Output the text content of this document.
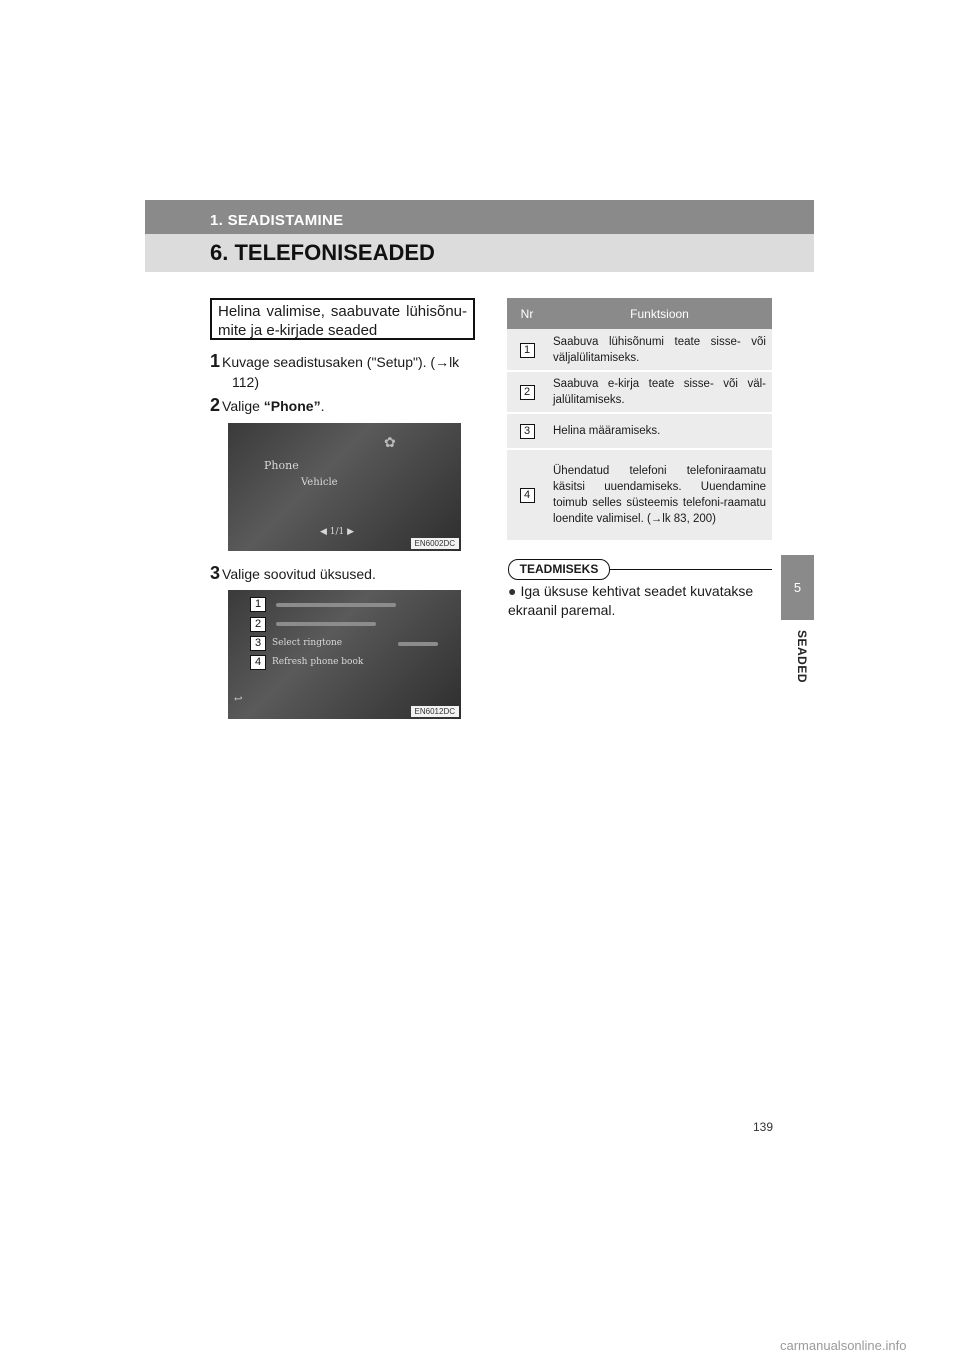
1. SEADISTAMINE
6. TELEFONISEADED
5
SEADED
Helina valimise, saabuvate lühisõnu-mite ja e-kirjade seaded
1 Kuvage seadistusaken ("Setup"). (→lk
112)
2 Valige “Phone”.
Phone
Vehicle
✿
◀ 1/1 ▶
EN6002DC
3 Valige soovitud üksused.
1
2
3
4
Select ringtone
Refresh phone book
↩
EN6012DC
Nr	Funktsioon
1	Saabuva lühisõnumi teate sisse- või väljalülitamiseks.
2	Saabuva e-kirja teate sisse- või väl-jalülitamiseks.
3	Helina määramiseks.
4	Ühendatud telefoni telefoniraamatu käsitsi uuendamiseks. Uuendamine toimub selles süsteemis telefoni-raamatu loendite valimisel. (→lk 83, 200)
TEADMISEKS
● Iga üksuse kehtivat seadet kuvatakse ekraanil paremal.
139
carmanualsonline.info
